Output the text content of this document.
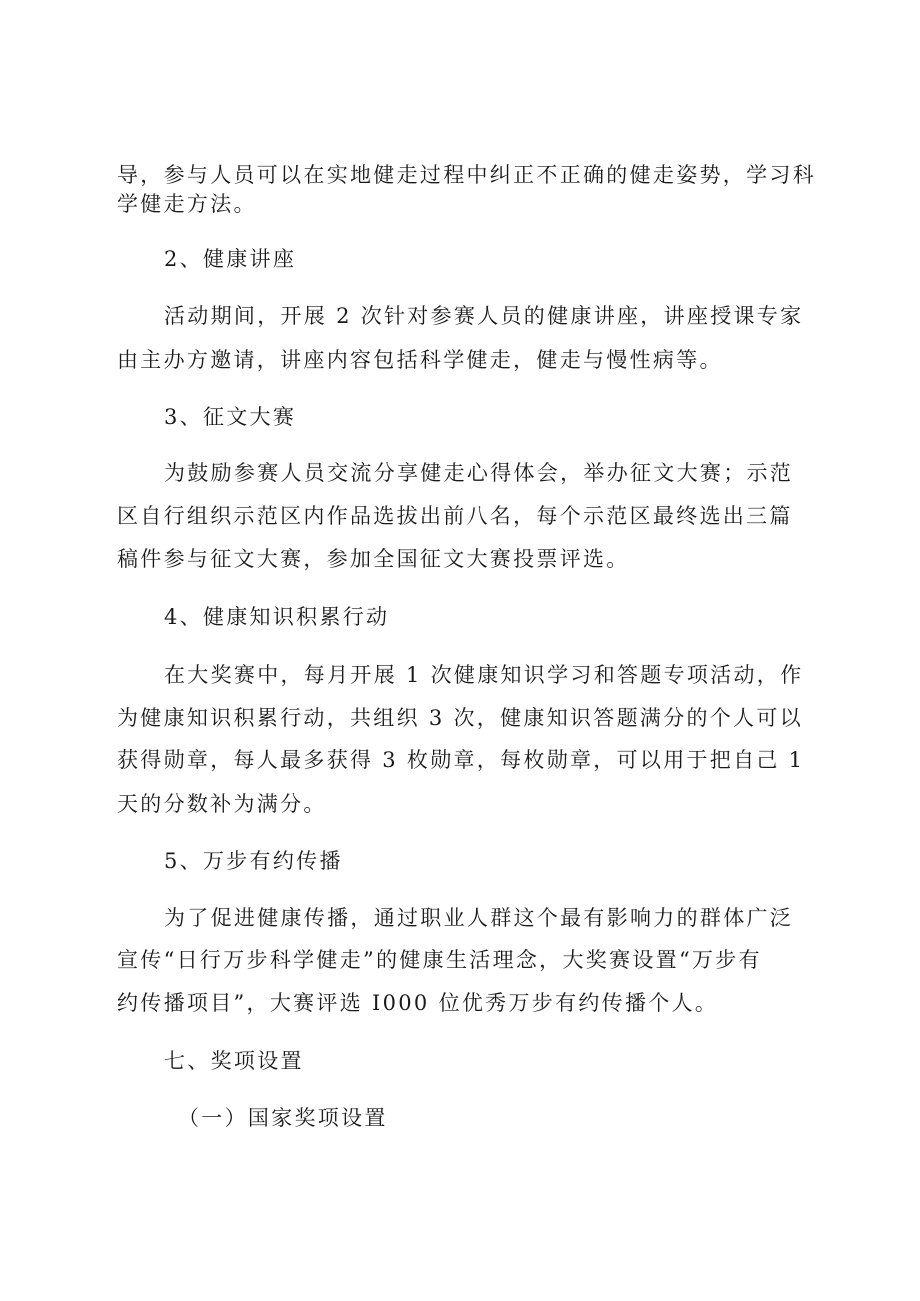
导，参与人员可以在实地健走过程中纠正不正确的健走姿势，学习科
学健走方法。
2、健康讲座
活动期间，开展 2 次针对参赛人员的健康讲座，讲座授课专家
由主办方邀请，讲座内容包括科学健走，健走与慢性病等。
3、征文大赛
为鼓励参赛人员交流分享健走心得体会，举办征文大赛；示范
区自行组织示范区内作品选拔出前八名，每个示范区最终选出三篇
稿件参与征文大赛，参加全国征文大赛投票评选。
4、健康知识积累行动
在大奖赛中，每月开展 1 次健康知识学习和答题专项活动，作
为健康知识积累行动，共组织 3 次，健康知识答题满分的个人可以
获得勋章，每人最多获得 3 枚勋章，每枚勋章，可以用于把自己 1
天的分数补为满分。
5、万步有约传播
为了促进健康传播，通过职业人群这个最有影响力的群体广泛
宣传“日行万步科学健走”的健康生活理念，大奖赛设置“万步有
约传播项目”，大赛评选 I000 位优秀万步有约传播个人。
七、奖项设置
（一）国家奖项设置
